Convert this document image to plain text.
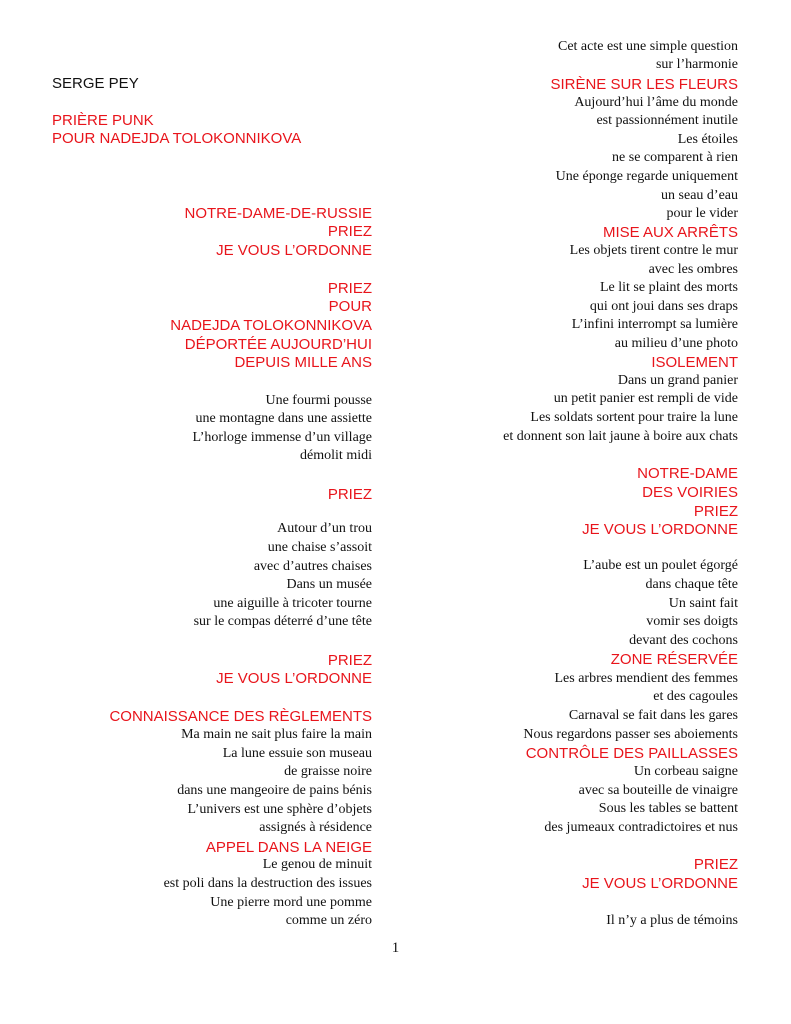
SERGE PEY
PRIÈRE PUNK
POUR NADEJDA TOLOKONNIKOVA
NOTRE-DAME-DE-RUSSIE
PRIEZ
JE VOUS L’ORDONNE
PRIEZ
POUR
NADEJDA TOLOKONNIKOVA
DÉPORTÉE AUJOURD’HUI
DEPUIS MILLE ANS
Une fourmi pousse
une montagne dans une assiette
L’horloge immense d’un village
démolit midi
PRIEZ
Autour d’un trou
une chaise s’assoit
avec d’autres chaises
Dans un musée
une aiguille à tricoter tourne
sur le compas déterré d’une tête
PRIEZ
JE VOUS L’ORDONNE
CONNAISSANCE DES RÈGLEMENTS
Ma main ne sait plus faire la main
La lune essuie son museau
de graisse noire
dans une mangeoire de pains bénis
L’univers est une sphère d’objets
assignés à résidence
APPEL DANS LA NEIGE
Le genou de minuit
est poli dans la destruction des issues
Une pierre mord une pomme
comme un zéro
Cet acte est une simple question
sur l’harmonie
SIRÈNE SUR LES FLEURS
Aujourd’hui l’âme du monde
est passionnément inutile
Les étoiles
ne se comparent à rien
Une éponge regarde uniquement
un seau d’eau
pour le vider
MISE AUX ARRÊTS
Les objets tirent contre le mur
avec les ombres
Le lit se plaint des morts
qui ont joui dans ses draps
L’infini interrompt sa lumière
au milieu d’une photo
ISOLEMENT
Dans un grand panier
un petit panier est rempli de vide
Les soldats sortent pour traire la lune
et donnent son lait jaune à boire aux chats
NOTRE-DAME
DES VOIRIES
PRIEZ
JE VOUS L’ORDONNE
L’aube est un poulet égorgé
dans chaque tête
Un saint fait
vomir ses doigts
devant des cochons
ZONE RÉSERVÉE
Les arbres mendient des femmes
et des cagoules
Carnaval se fait dans les gares
Nous regardons passer ses aboiements
CONTRÔLE DES PAILLASSES
Un corbeau saigne
avec sa bouteille de vinaigre
Sous les tables se battent
des jumeaux contradictoires et nus
PRIEZ
JE VOUS L’ORDONNE
Il n’y a plus de témoins
1
